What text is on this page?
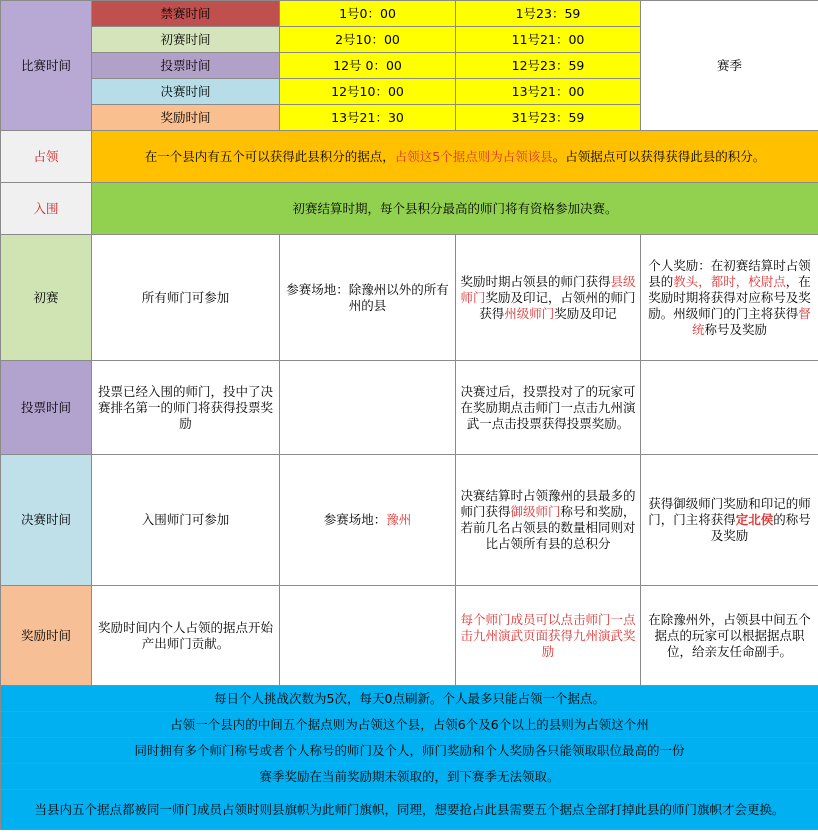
比赛时间	禁赛时间	1号0：00	1号23：59	赛季
	初赛时间	2号10：00	11号21：00	
	投票时间	12号 0：00	12号23：59	
	决赛时间	12号10：00	13号21：00	
	奖励时间	13号21：30	31号23：59	
占领	在一个县内有五个可以获得此县积分的据点，占领这5个据点则为占领该县。占领据点可以获得获得此县的积分。			
入围	初赛结算时期，每个县积分最高的师门将有资格参加决赛。			
初赛	所有师门可参加	参赛场地：除豫州以外的所有州的县	奖励时期占领县的师门获得县级师门奖励及印记，占领州的师门获得州级师门奖励及印记	个人奖励：在初赛结算时占领县的教头，都时，校尉点，在奖励时期将获得对应称号及奖励。州级师门的门主将获得督统称号及奖励
投票时间	投票已经入围的师门，投中了决赛排名第一的师门将获得投票奖励		决赛过后，投票投对了的玩家可在奖励期点击师门一点击九州演武一点击投票获得投票奖励。	
决赛时间	入围师门可参加	参赛场地：豫州	决赛结算时占领豫州的县最多的师门获得御级师门称号和奖励，若前几名占领县的数量相同则对比占领所有县的总积分	获得御级师门奖励和印记的师门，门主将获得定北侯的称号及奖励
奖励时间	奖励时间内个人占领的据点开始产出师门贡献。		每个师门成员可以点击师门一点击九州演武页面获得九州演武奖励	在除豫州外，占领县中间五个据点的玩家可以根据据点职位，给亲友任命副手。
每日个人挑战次数为5次，每天0点刷新。个人最多只能占领一个据点。				
占领一个县内的中间五个据点则为占领这个县，占领6个及6个以上的县则为占领这个州				
同时拥有多个师门称号或者个人称号的师门及个人，师门奖励和个人奖励各只能领取职位最高的一份				
赛季奖励在当前奖励期未领取的，到下赛季无法领取。				
当县内五个据点都被同一师门成员占领时则县旗帜为此师门旗帜，同理，想要抢占此县需要五个据点全部打掉此县的师门旗帜才会更换。				
